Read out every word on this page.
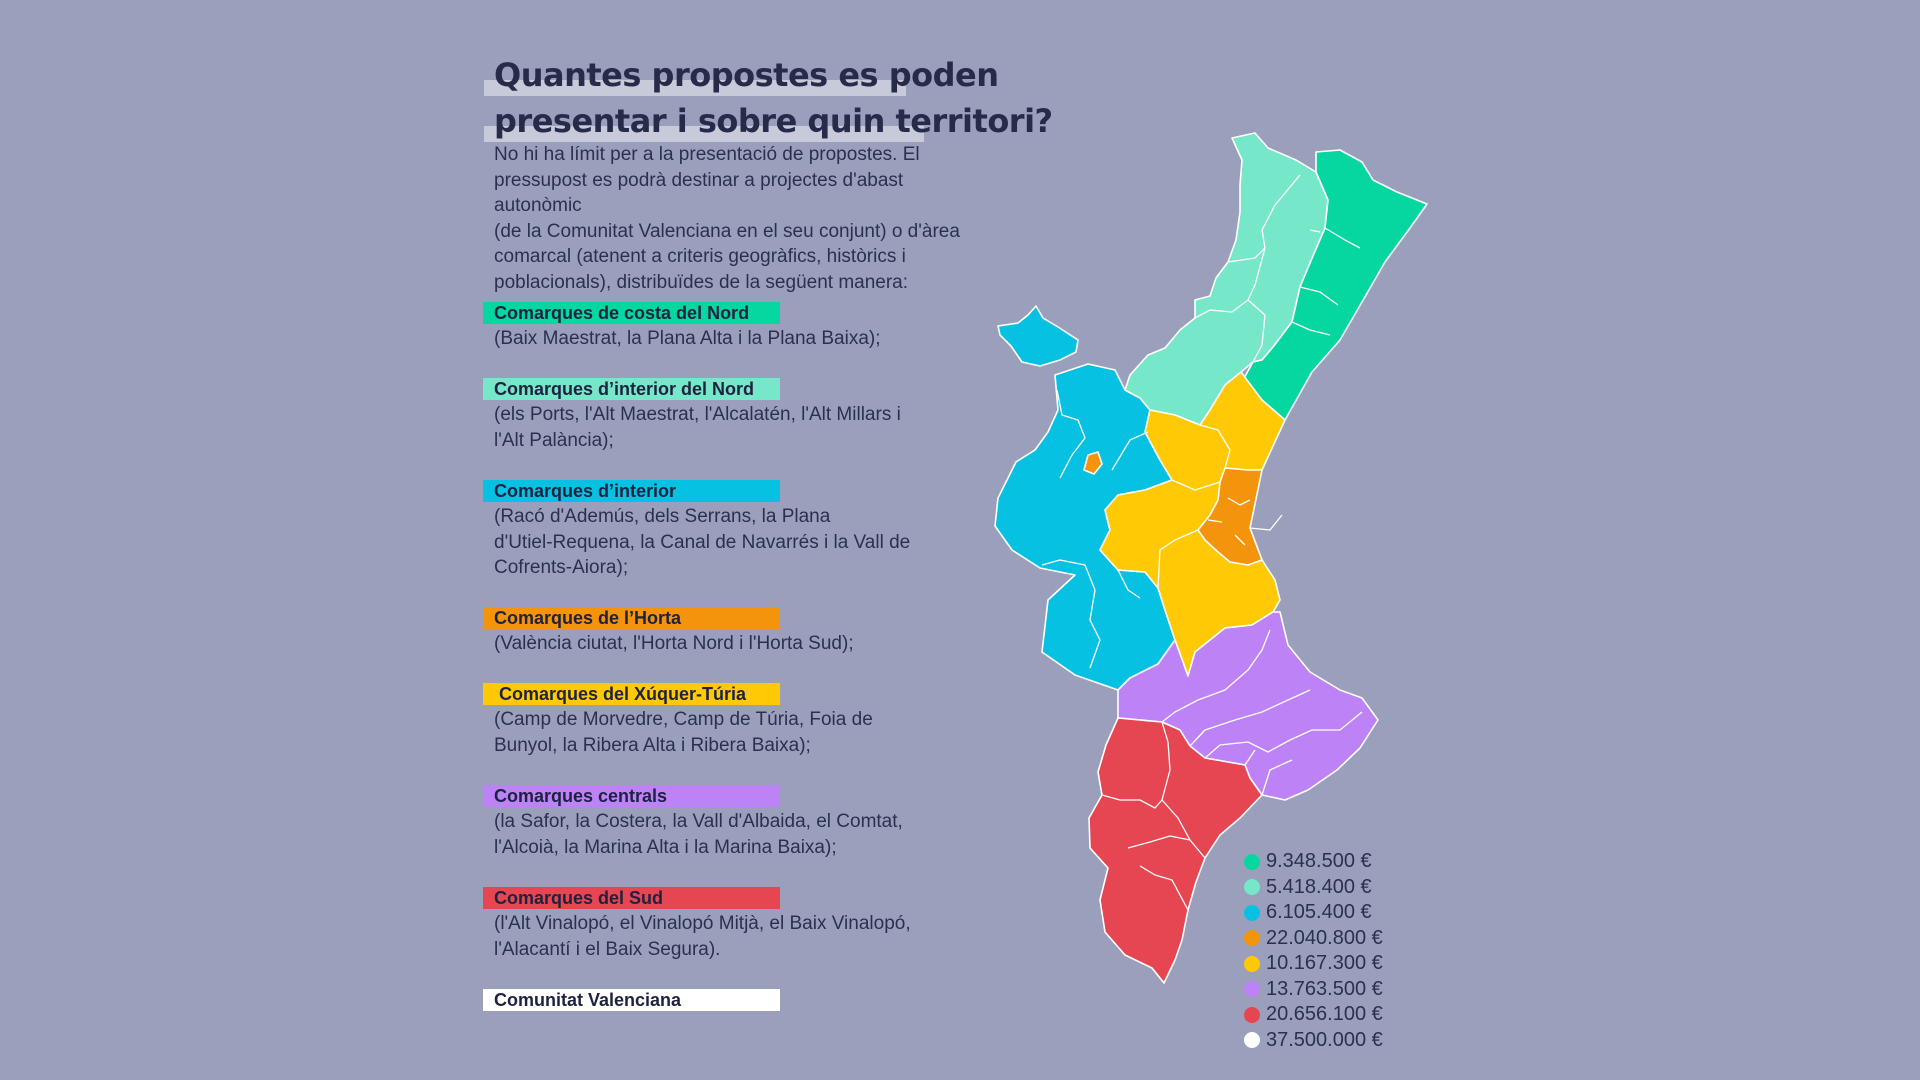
Quantes propostes es poden
presentar i sobre quin territori?
No hi ha límit per a la presentació de propostes. El
pressupost es podrà destinar a projectes d'abast autonòmic
(de la Comunitat Valenciana en el seu conjunt) o d'àrea
comarcal (atenent a criteris geogràfics, històrics i
poblacionals), distribuïdes de la següent manera:
Comarques de costa del Nord
(Baix Maestrat, la Plana Alta i la Plana Baixa);
Comarques d’interior del Nord
(els Ports, l'Alt Maestrat, l'Alcalatén, l'Alt Millars i
l'Alt Palància);
Comarques d’interior
(Racó d'Ademús, dels Serrans, la Plana
d'Utiel-Requena, la Canal de Navarrés i la Vall de
Cofrents-Aiora);
Comarques de l’Horta
(València ciutat, l'Horta Nord i l'Horta Sud);
Comarques del Xúquer-Túria
(Camp de Morvedre, Camp de Túria, Foia de
Bunyol, la Ribera Alta i Ribera Baixa);
Comarques centrals
(la Safor, la Costera, la Vall d'Albaida, el Comtat,
l'Alcoià, la Marina Alta i la Marina Baixa);
Comarques del Sud
(l'Alt Vinalopó, el Vinalopó Mitjà, el Baix Vinalopó,
l'Alacantí i el Baix Segura).
Comunitat Valenciana
9.348.500 €
5.418.400 €
6.105.400 €
22.040.800 €
10.167.300 €
13.763.500 €
20.656.100 €
37.500.000 €
